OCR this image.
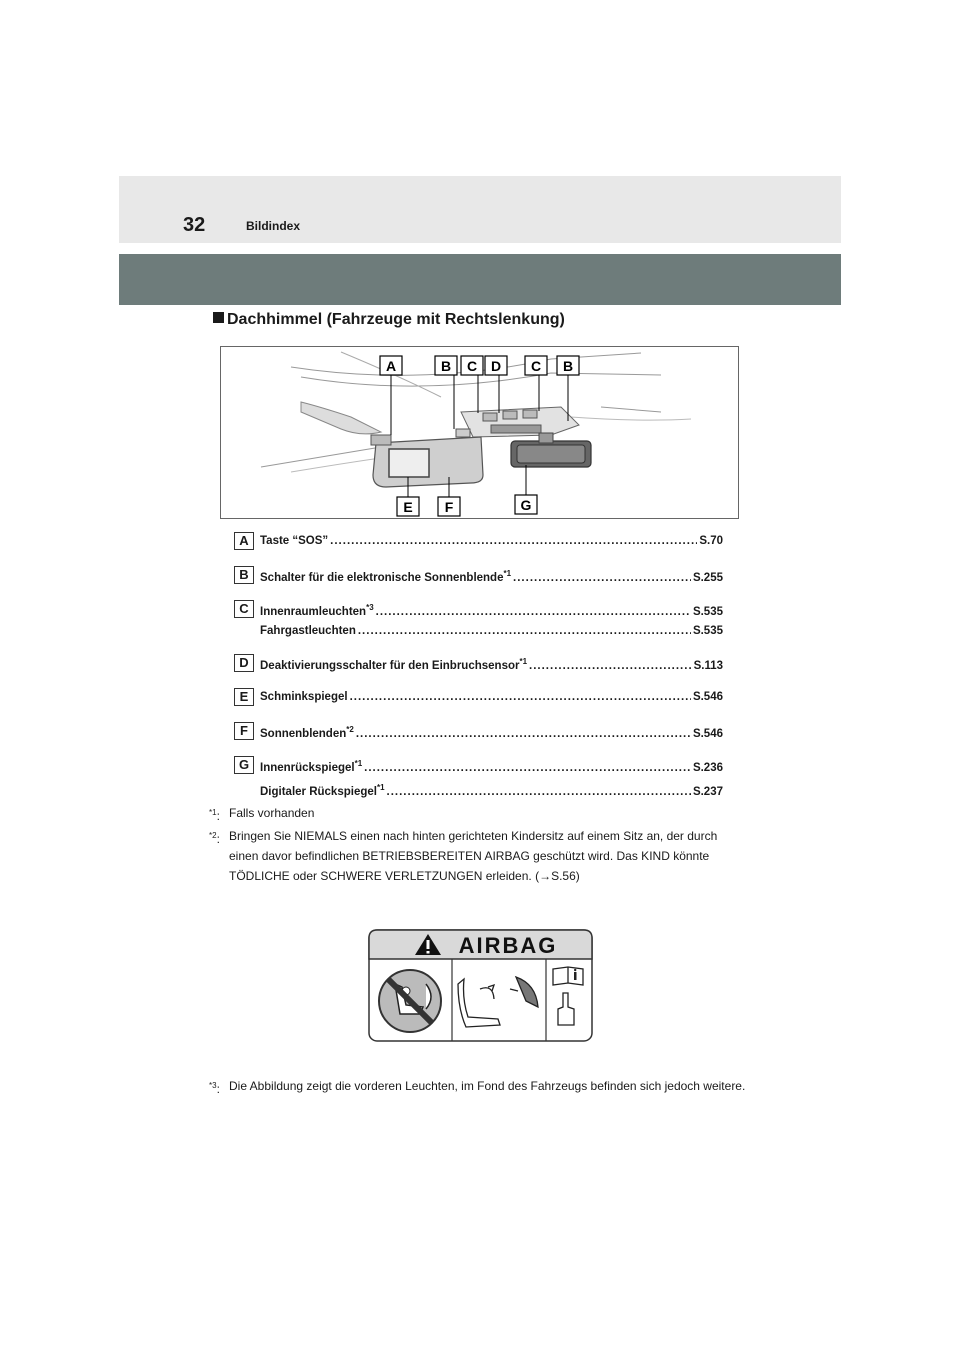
32	Bildindex
Dachhimmel (Fahrzeuge mit Rechtslenkung)
A	B C D C B
E F	G
A Taste “SOS” .....	S.70
B Schalter für die elektronische Sonnenblende$^{*1}$ .....	S.255
C Innenraumleuchten$^{*3}$ .....	S.535
Fahrgastleuchten .....	S.535
D Deaktivierungsschalter für den Einbruchsensor$^{*1}$ .....	S.113
E	Schminkspiegel .....	S.546
F	Sonnenblenden$^{*2}$ .....	S.546
G Innenrückspiegel$^{*1}$ .....	S.236
Digitaler Rückspiegel$^{*1}$ .....	S.237
$^{*1}$: Falls vorhanden
$^{*2}$: Bringen Sie NIEMALS einen nach hinten gerichteten Kindersitz auf einem Sitz an, der durch einen davor befindlichen BETRIEBSBEREITEN AIRBAG geschützt wird. Das KIND könnte TÖDLICHE oder SCHWERE VERLETZUNGEN erleiden. (→S.56)
AIRBAG
$^{*3}$: Die Abbildung zeigt die vorderen Leuchten, im Fond des Fahrzeugs befinden sich jedoch weitere.
